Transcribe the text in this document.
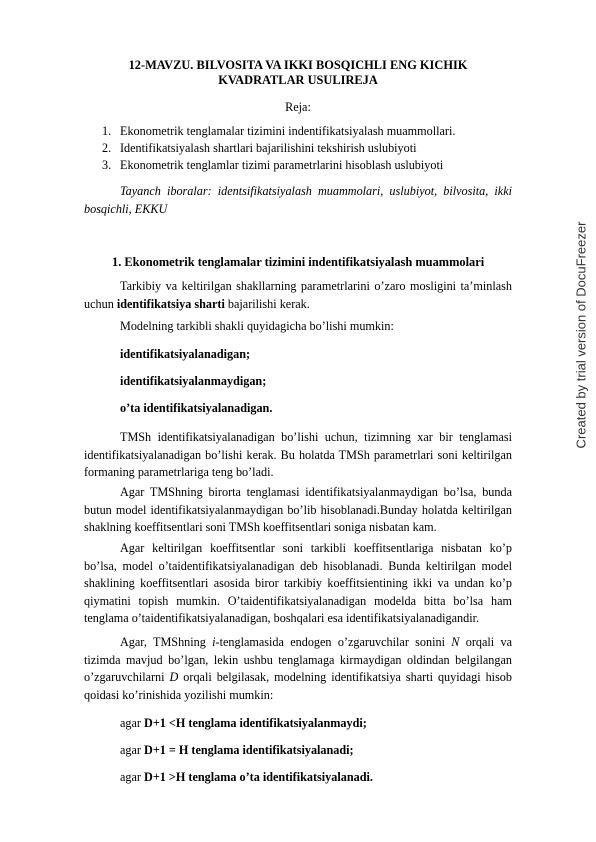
12-MAVZU. BILVOSITA VA IKKI BOSQICHLI ENG KICHIK
KVADRATLAR USULIREJA
Reja:
1. Ekonometrik tenglamalar tizimini indentifikatsiyalash muammollari.
2. Identifikatsiyalash shartlari bajarilishini tekshirish uslubiyoti
3. Ekonometrik tenglamlar tizimi parametrlarini hisoblash uslubiyoti

Tayanch iboralar: identsifikatsiyalash muammolari, uslubiyot, bilvosita, ikki bosqichli, EKKU

1. Ekonometrik tenglamalar tizimini indentifikatsiyalash muammolari

Tarkibiy va keltirilgan shakllarning parametrlarini o’zaro mosligini ta’minlash uchun identifikatsiya sharti bajarilishi kerak.

Modelning tarkibli shakli quyidagicha bo’lishi mumkin:

identifikatsiyalanadigan;
identifikatsiyalanmaydigan;
o’ta identifikatsiyalanadigan.

TMSh identifikatsiyalanadigan bo’lishi uchun, tizimning xar bir tenglamasi identifikatsiyalanadigan bo’lishi kerak. Bu holatda TMSh parametrlari soni keltirilgan formaning parametrlariga teng bo’ladi.

Agar TMShning birorta tenglamasi identifikatsiyalanmaydigan bo’lsa, bunda butun model identifikatsiyalanmaydigan bo’lib hisoblanadi.Bunday holatda keltirilgan shaklning koeffitsentlari soni TMSh koeffitsentlari soniga nisbatan kam.

Agar keltirilgan koeffitsentlar soni tarkibli koeffitsentlariga nisbatan ko’p bo’lsa, model o’taidentifikatsiyalanadigan deb hisoblanadi. Bunda keltirilgan model shaklining koeffitsentlari asosida biror tarkibiy koeffitsientining ikki va undan ko’p qiymatini topish mumkin. O’taidentifikatsiyalanadigan modelda bitta bo’lsa ham tenglama o’taidentifikatsiyalanadigan, boshqalari esa identifikatsiyalanadigandir.

Agar, TMShning i-tenglamasida endogen o’zgaruvchilar sonini N orqali va tizimda mavjud bo’lgan, lekin ushbu tenglamaga kirmaydigan oldindan belgilangan o’zgaruvchilarni D orqali belgilasak, modelning identifikatsiya sharti quyidagi hisob qoidasi ko’rinishida yozilishi mumkin:

agar D+1 <H tenglama identifikatsiyalanmaydi;
agar D+1 = H tenglama identifikatsiyalanadi;
agar D+1 >H tenglama o’ta identifikatsiyalanadi.
Created by trial version of DocuFreezer
